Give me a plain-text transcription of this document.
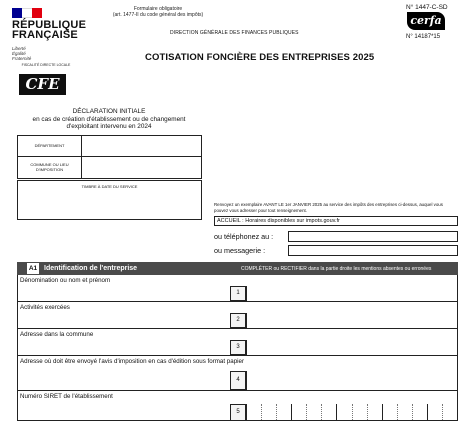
RÉPUBLIQUE FRANÇAISE
Liberté
Égalité
Fraternité
Formulaire obligatoire
(art. 1477-II du code général des impôts)
DIRECTION GÉNÉRALE DES FINANCES PUBLIQUES
N° 1447-C-SD
cerfa
N° 14187*15
COTISATION FONCIÈRE DES ENTREPRISES 2025
FISCALITÉ DIRECTE LOCALE
CFE
DÉCLARATION INITIALE
en cas de création d'établissement ou de changement
d'exploitant intervenu en 2024
DÉPARTEMENT
COMMUNE OU LIEU D'IMPOSITION
TIMBRE À DATE DU SERVICE
Renvoyez un exemplaire AVANT LE 1er JANVIER 2025 au service des impôts des entreprises ci-dessus, auquel vous pouvez vous adresser pour tout renseignement.
ACCUEIL : Horaires disponibles sur impots.gouv.fr
ou téléphonez au :
ou messagerie :
A1 Identification de l'entreprise	COMPLÉTER ou RECTIFIER dans la partie droite les mentions absentes ou erronées
Dénomination ou nom et prénom
1
Activités exercées
2
Adresse dans la commune
3
Adresse où doit être envoyé l'avis d'imposition en cas d'édition sous format papier
4
Numéro SIRET de l'établissement
5
